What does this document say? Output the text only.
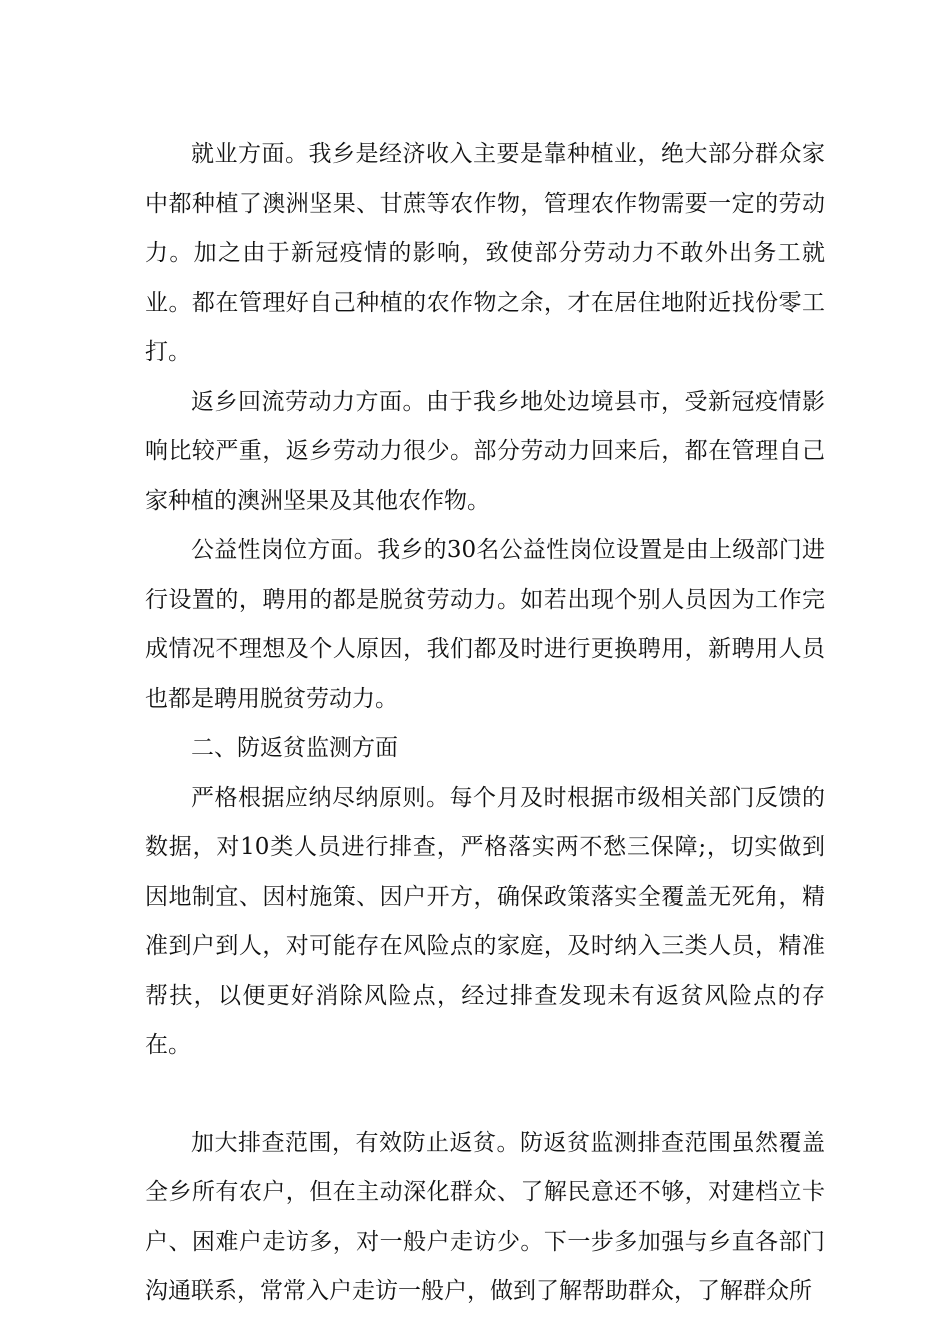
就业方面。我乡是经济收入主要是靠种植业，绝大部分群众家中都种植了澳洲坚果、甘蔗等农作物，管理农作物需要一定的劳动力。加之由于新冠疫情的影响，致使部分劳动力不敢外出务工就业。都在管理好自己种植的农作物之余，才在居住地附近找份零工打。

返乡回流劳动力方面。由于我乡地处边境县市，受新冠疫情影响比较严重，返乡劳动力很少。部分劳动力回来后，都在管理自己家种植的澳洲坚果及其他农作物。

公益性岗位方面。我乡的30名公益性岗位设置是由上级部门进行设置的，聘用的都是脱贫劳动力。如若出现个别人员因为工作完成情况不理想及个人原因，我们都及时进行更换聘用，新聘用人员也都是聘用脱贫劳动力。

二、防返贫监测方面

严格根据应纳尽纳原则。每个月及时根据市级相关部门反馈的数据，对10类人员进行排查，严格落实两不愁三保障;，切实做到因地制宜、因村施策、因户开方，确保政策落实全覆盖无死角，精准到户到人，对可能存在风险点的家庭，及时纳入三类人员，精准帮扶，以便更好消除风险点，经过排查发现未有返贫风险点的存在。

加大排查范围，有效防止返贫。防返贫监测排查范围虽然覆盖全乡所有农户，但在主动深化群众、了解民意还不够，对建档立卡户、困难户走访多，对一般户走访少。下一步多加强与乡直各部门沟通联系，常常入户走访一般户，做到了解帮助群众，了解群众所
